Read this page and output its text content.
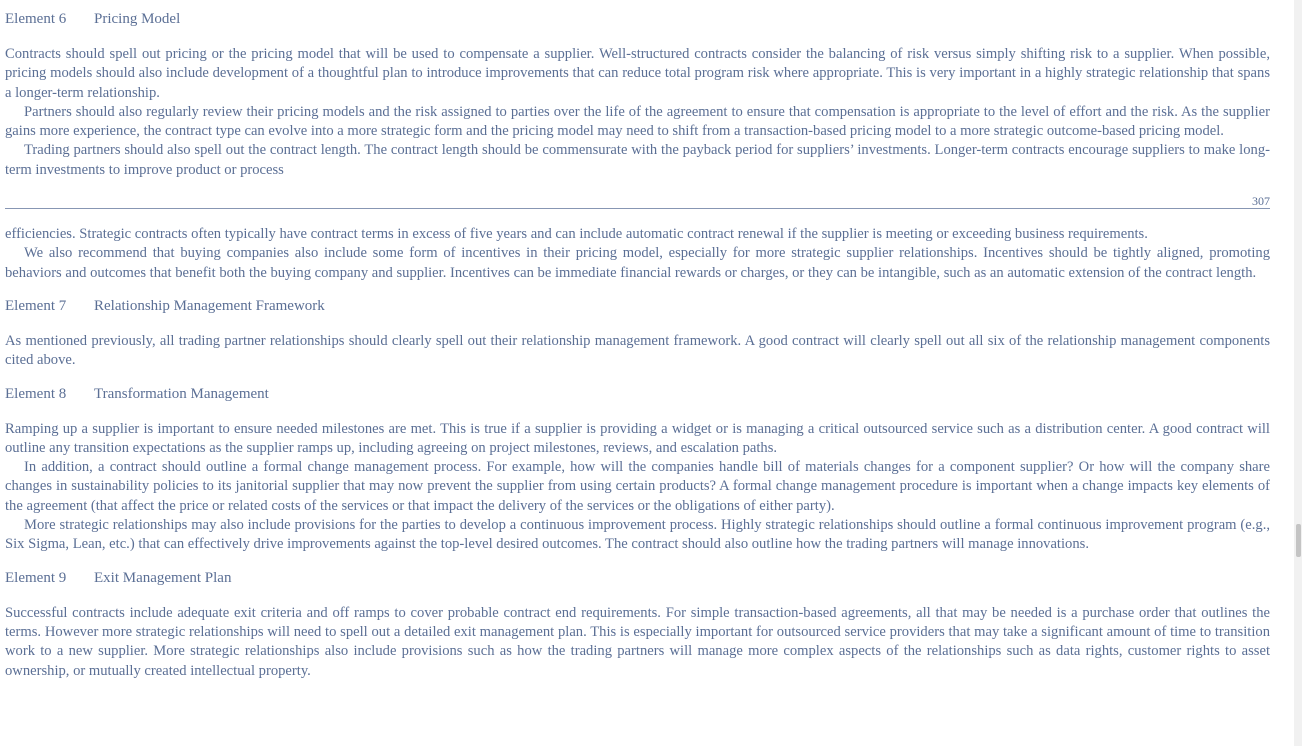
Element 6 Pricing Model

Contracts should spell out pricing or the pricing model that will be used to compensate a supplier. Well-structured contracts consider the balancing of risk versus simply shifting risk to a supplier. When possible, pricing models should also include development of a thoughtful plan to introduce improvements that can reduce total program risk where appropriate. This is very important in a highly strategic relationship that spans a longer-term relationship.

Partners should also regularly review their pricing models and the risk assigned to parties over the life of the agreement to ensure that compensation is appropriate to the level of effort and the risk. As the supplier gains more experience, the contract type can evolve into a more strategic form and the pricing model may need to shift from a transaction-based pricing model to a more strategic outcome-based pricing model.

Trading partners should also spell out the contract length. The contract length should be commensurate with the payback period for suppliers’ investments. Longer-term contracts encourage suppliers to make long-term investments to improve product or process

307

efficiencies. Strategic contracts often typically have contract terms in excess of five years and can include automatic contract renewal if the supplier is meeting or exceeding business requirements.

We also recommend that buying companies also include some form of incentives in their pricing model, especially for more strategic supplier relationships. Incentives should be tightly aligned, promoting behaviors and outcomes that benefit both the buying company and supplier. Incentives can be immediate financial rewards or charges, or they can be intangible, such as an automatic extension of the contract length.

Element 7 Relationship Management Framework

As mentioned previously, all trading partner relationships should clearly spell out their relationship management framework. A good contract will clearly spell out all six of the relationship management components cited above.

Element 8 Transformation Management

Ramping up a supplier is important to ensure needed milestones are met. This is true if a supplier is providing a widget or is managing a critical outsourced service such as a distribution center. A good contract will outline any transition expectations as the supplier ramps up, including agreeing on project milestones, reviews, and escalation paths.

In addition, a contract should outline a formal change management process. For example, how will the companies handle bill of materials changes for a component supplier? Or how will the company share changes in sustainability policies to its janitorial supplier that may now prevent the supplier from using certain products? A formal change management procedure is important when a change impacts key elements of the agreement (that affect the price or related costs of the services or that impact the delivery of the services or the obligations of either party).

More strategic relationships may also include provisions for the parties to develop a continuous improvement process. Highly strategic relationships should outline a formal continuous improvement program (e.g., Six Sigma, Lean, etc.) that can effectively drive improvements against the top-level desired outcomes. The contract should also outline how the trading partners will manage innovations.

Element 9 Exit Management Plan

Successful contracts include adequate exit criteria and off ramps to cover probable contract end requirements. For simple transaction-based agreements, all that may be needed is a purchase order that outlines the terms. However more strategic relationships will need to spell out a detailed exit management plan. This is especially important for outsourced service providers that may take a significant amount of time to transition work to a new supplier. More strategic relationships also include provisions such as how the trading partners will manage more complex aspects of the relationships such as data rights, customer rights to asset ownership, or mutually created intellectual property.
